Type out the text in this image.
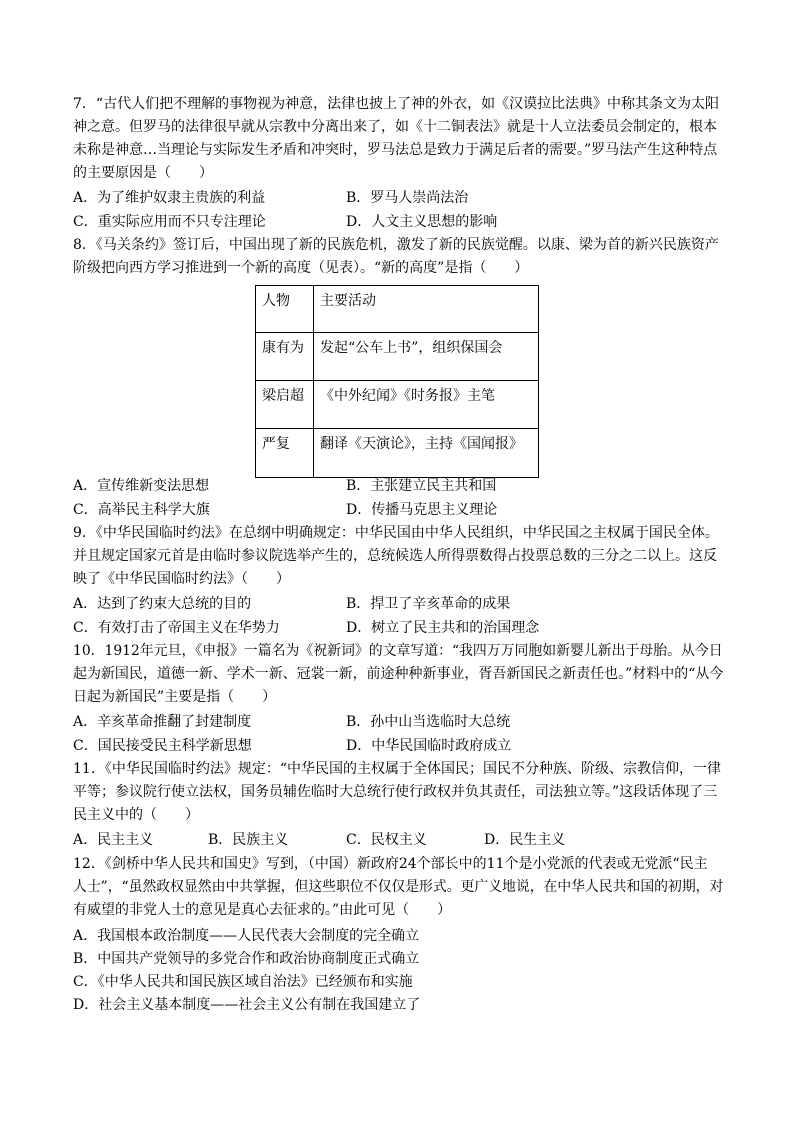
7．“古代人们把不理解的事物视为神意，法律也披上了神的外衣，如《汉谟拉比法典》中称其条文为太阳
神之意。但罗马的法律很早就从宗教中分离出来了，如《十二铜表法》就是十人立法委员会制定的，根本
未称是神意…当理论与实际发生矛盾和冲突时，罗马法总是致力于满足后者的需要。”罗马法产生这种特点
的主要原因是（　　）
A．为了维护奴隶主贵族的利益	B．罗马人崇尚法治
C．重实际应用而不只专注理论	D．人文主义思想的影响
8．《马关条约》签订后，中国出现了新的民族危机，激发了新的民族觉醒。以康、梁为首的新兴民族资产
阶级把向西方学习推进到一个新的高度（见表）。“新的高度”是指（　　）
人物	主要活动
康有为	发起“公车上书”，组织保国会
梁启超	《中外纪闻》《时务报》主笔
严复	翻译《天演论》，主持《国闻报》
A．宣传维新变法思想	B．主张建立民主共和国
C．高举民主科学大旗	D．传播马克思主义理论
9．《中华民国临时约法》在总纲中明确规定：中华民国由中华人民组织，中华民国之主权属于国民全体。
并且规定国家元首是由临时参议院选举产生的，总统候选人所得票数得占投票总数的三分之二以上。这反
映了《中华民国临时约法》（　　）
A．达到了约束大总统的目的	B．捍卫了辛亥革命的成果
C．有效打击了帝国主义在华势力	D．树立了民主共和的治国理念
10．1912年元旦，《申报》一篇名为《祝新词》的文章写道：“我四万万同胞如新婴儿新出于母胎。从今日
起为新国民，道德一新、学术一新、冠裳一新，前途种种新事业，胥吾新国民之新责任也。”材料中的“从今
日起为新国民”主要是指（　　）
A．辛亥革命推翻了封建制度	B．孙中山当选临时大总统
C．国民接受民主科学新思想	D．中华民国临时政府成立
11．《中华民国临时约法》规定：“中华民国的主权属于全体国民；国民不分种族、阶级、宗教信仰，一律
平等；参议院行使立法权，国务员辅佐临时大总统行使行政权并负其责任，司法独立等。”这段话体现了三
民主义中的（　　）
A．民主主义	B．民族主义	C．民权主义	D．民生主义
12．《剑桥中华人民共和国史》写到，（中国）新政府24个部长中的11个是小党派的代表或无党派“民主
人士”，“虽然政权显然由中共掌握，但这些职位不仅仅是形式。更广义地说，在中华人民共和国的初期，对
有威望的非党人士的意见是真心去征求的。”由此可见（　　）
A．我国根本政治制度——人民代表大会制度的完全确立
B．中国共产党领导的多党合作和政治协商制度正式确立
C．《中华人民共和国民族区域自治法》已经颁布和实施
D．社会主义基本制度——社会主义公有制在我国建立了
